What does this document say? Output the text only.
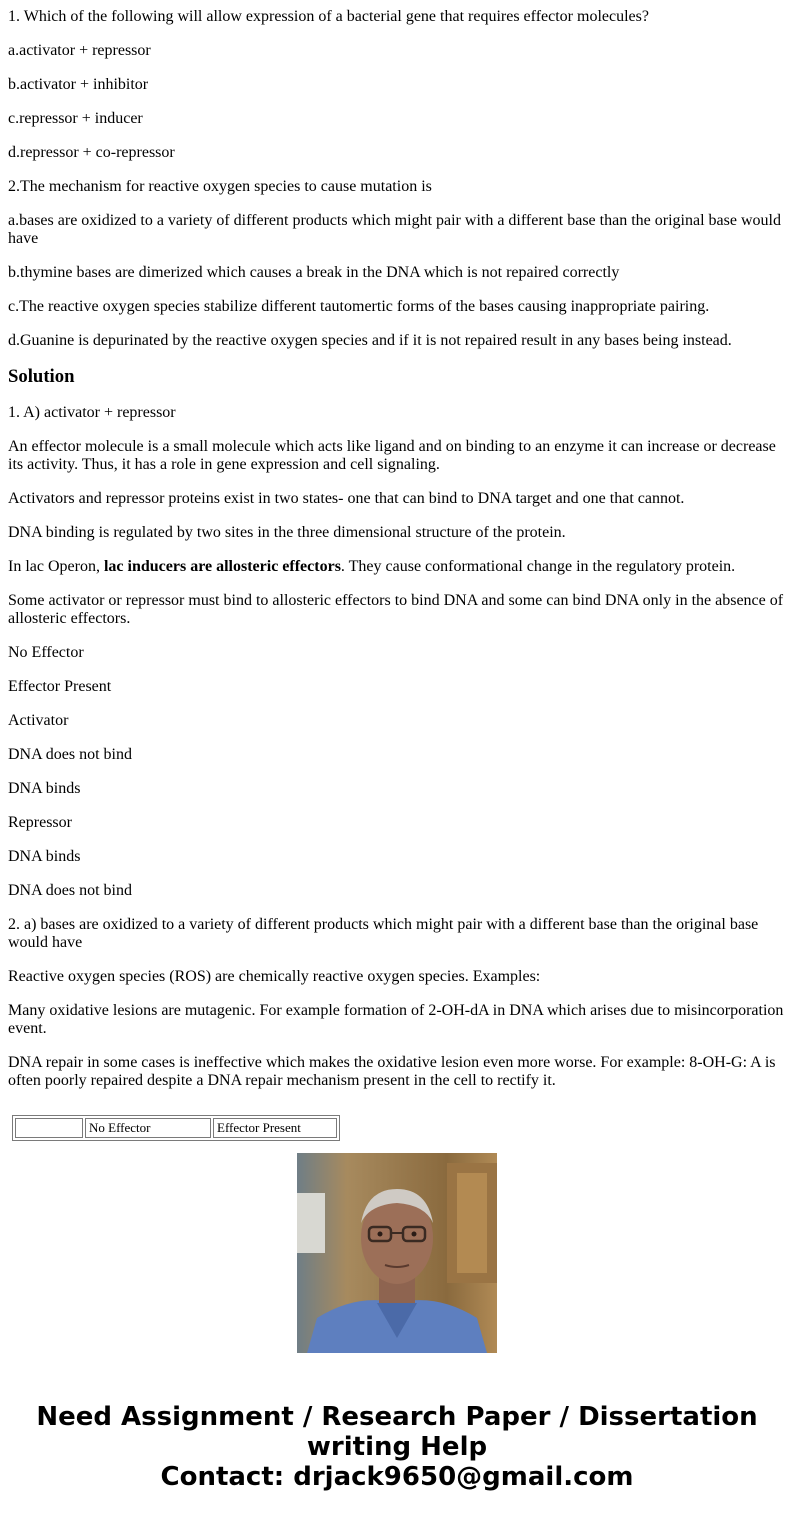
1. Which of the following will allow expression of a bacterial gene that requires effector molecules?

a.activator + repressor

b.activator + inhibitor

c.repressor + inducer

d.repressor + co-repressor

2.The mechanism for reactive oxygen species to cause mutation is

a.bases are oxidized to a variety of different products which might pair with a different base than the original base would have

b.thymine bases are dimerized which causes a break in the DNA which is not repaired correctly

c.The reactive oxygen species stabilize different tautomertic forms of the bases causing inappropriate pairing.

d.Guanine is depurinated by the reactive oxygen species and if it is not repaired result in any bases being instead.

Solution

1. A) activator + repressor

An effector molecule is a small molecule which acts like ligand and on binding to an enzyme it can increase or decrease its activity. Thus, it has a role in gene expression and cell signaling.

Activators and repressor proteins exist in two states- one that can bind to DNA target and one that cannot.

DNA binding is regulated by two sites in the three dimensional structure of the protein.

In lac Operon, lac inducers are allosteric effectors. They cause conformational change in the regulatory protein.

Some activator or repressor must bind to allosteric effectors to bind DNA and some can bind DNA only in the absence of allosteric effectors.

No Effector

Effector Present

Activator

DNA does not bind

DNA binds

Repressor

DNA binds

DNA does not bind

2. a) bases are oxidized to a variety of different products which might pair with a different base than the original base would have

Reactive oxygen species (ROS) are chemically reactive oxygen species. Examples:

Many oxidative lesions are mutagenic. For example formation of 2-OH-dA in DNA which arises due to misincorporation event.

DNA repair in some cases is ineffective which makes the oxidative lesion even more worse. For example: 8-OH-G: A is often poorly repaired despite a DNA repair mechanism present in the cell to rectify it.

	No Effector	Effector Present
Need Assignment / Research Paper / Dissertation
writing Help
Contact: drjack9650@gmail.com
